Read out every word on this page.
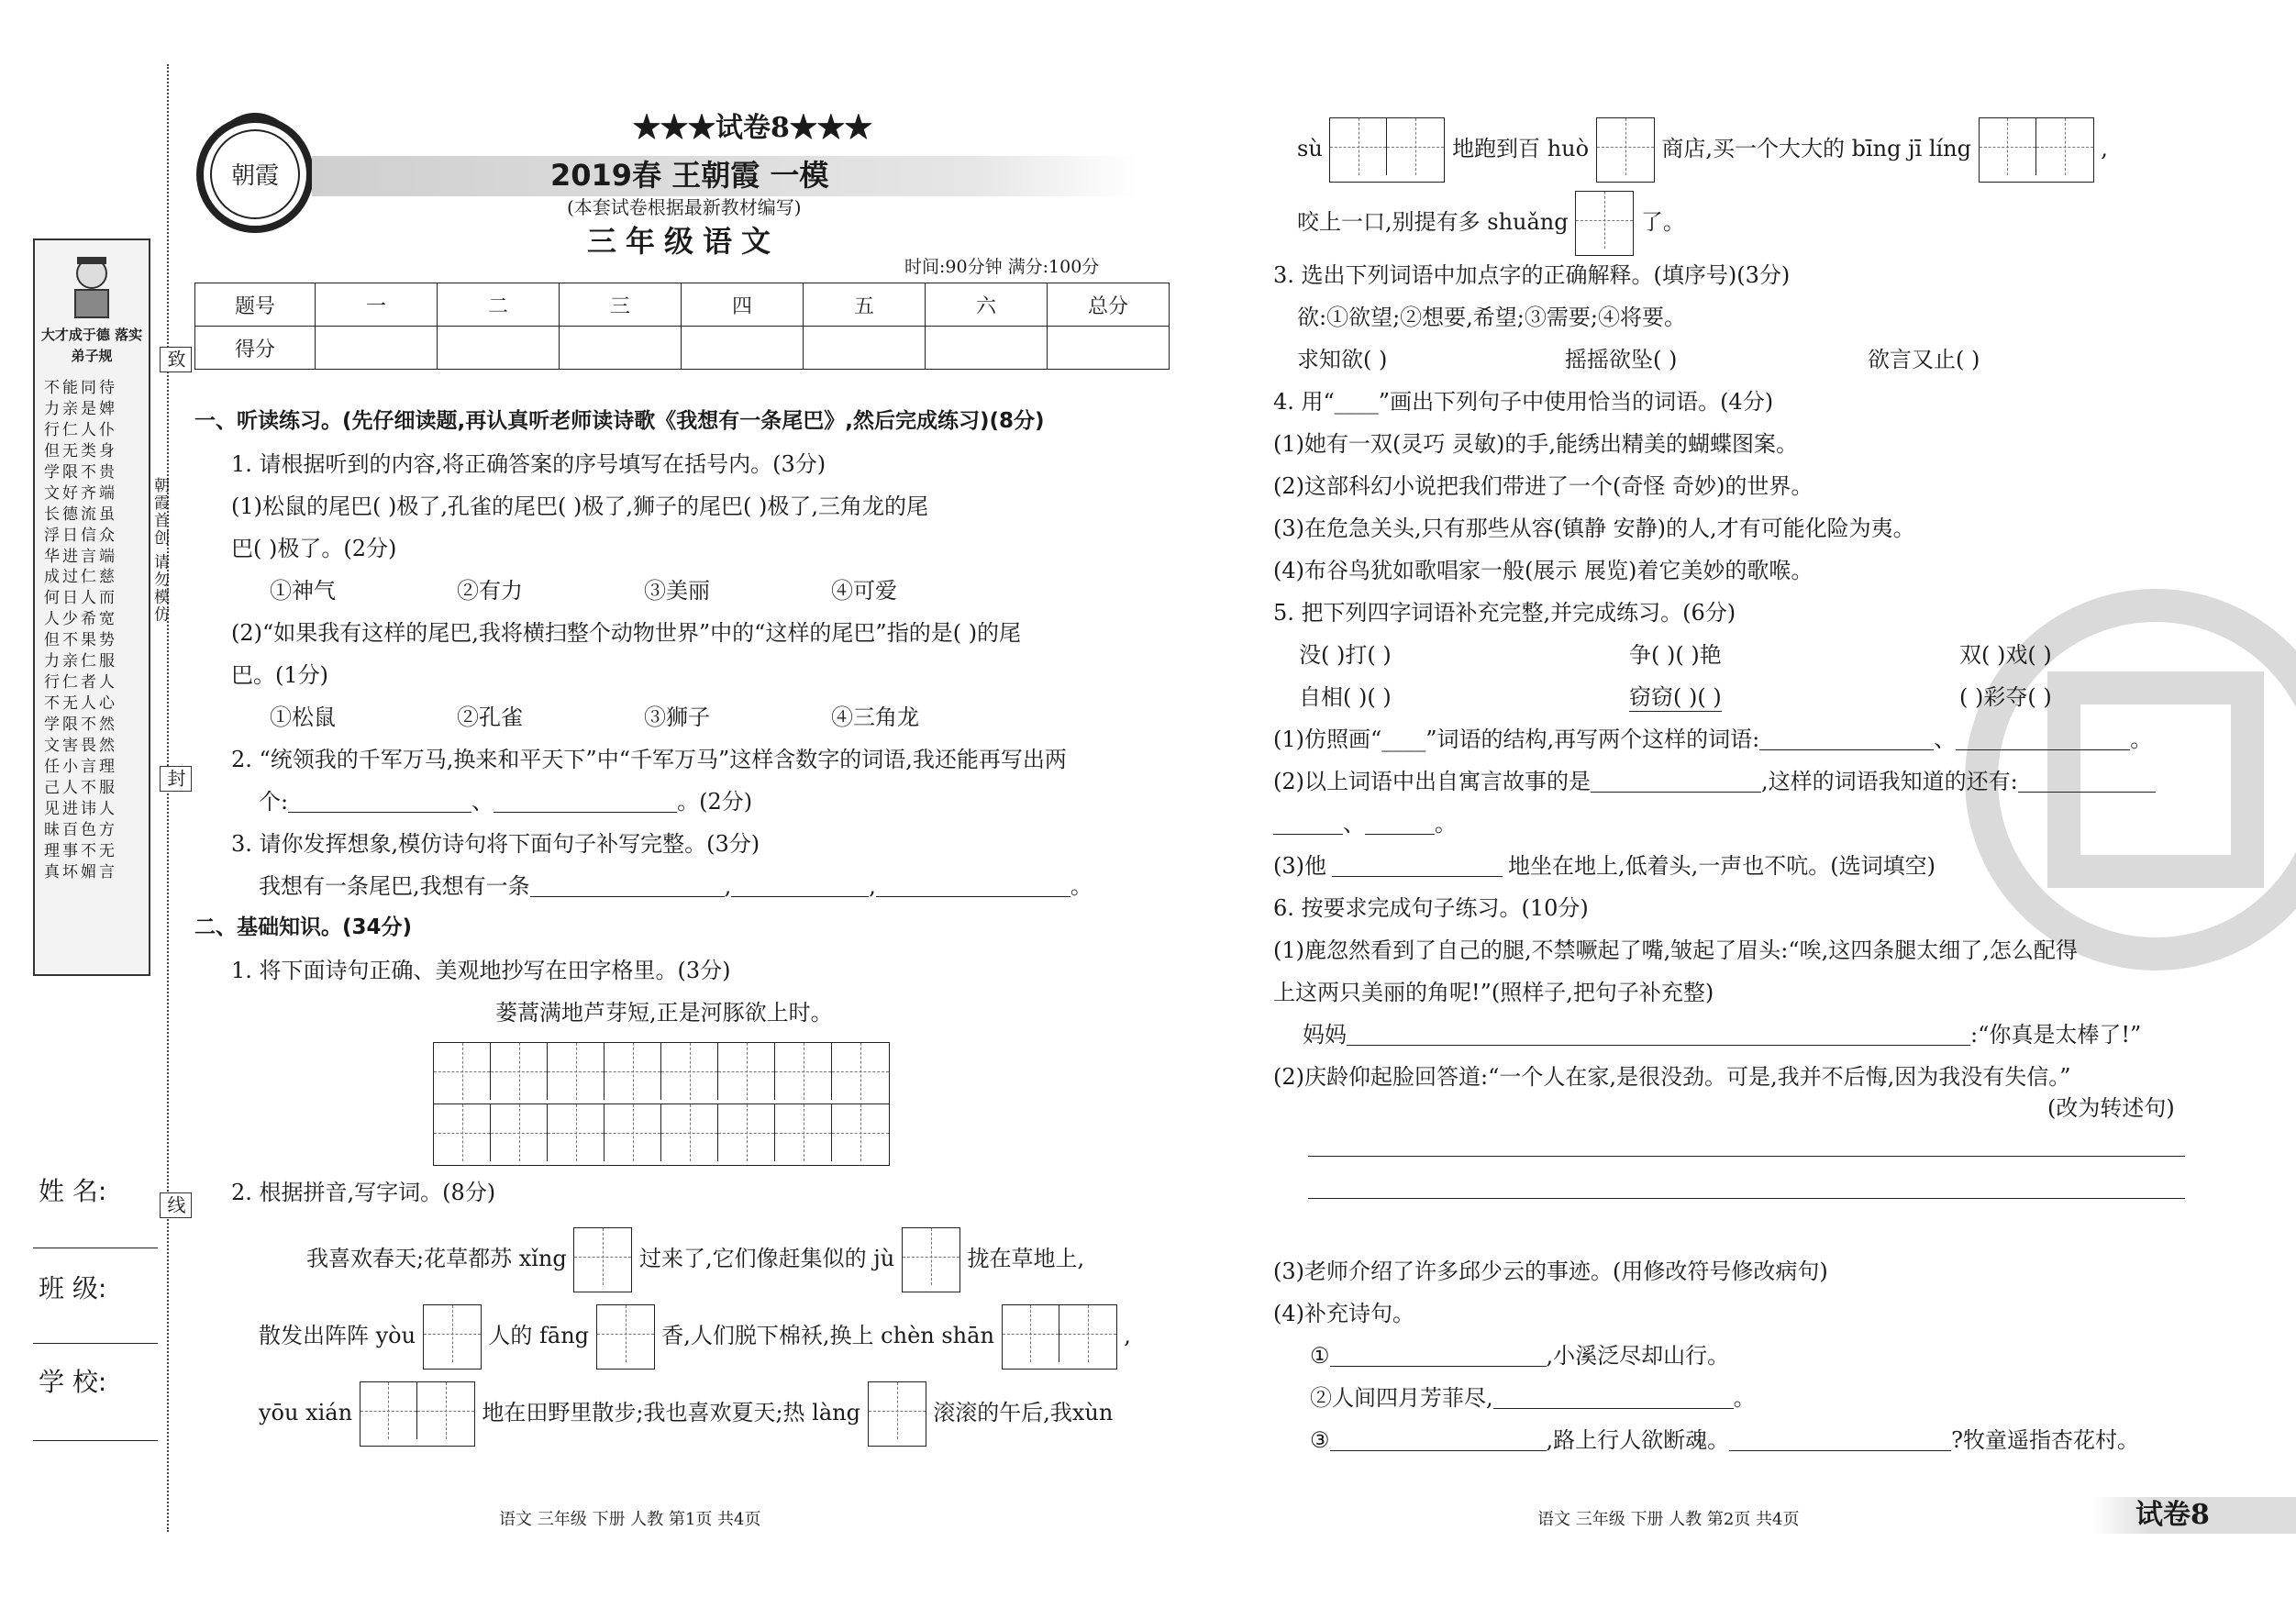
大才成于德 落实弟子规
不能同待 力亲是婢 行仁人仆 但无类身 学限不贵 文好齐端 长德流虽 浮日信众 华进言端 成过仁慈 何日人而 人少希宽 但不果势 力亲仁服 行仁者人 不无人心 学限不然 文害畏然 任小言理 己人不服 见进讳人 昧百色方 理事不无 真坏媚言
致
朝霞首创 请勿模仿
封
线
姓 名:
班 级:
学 校:
朝霞
★★★试卷8★★★
2019春 王朝霞 一模
(本套试卷根据最新教材编写)
三年级语文
时间:90分钟 满分:100分
题号	一	二	三	四	五	六	总分
得分							
一、听读练习。(先仔细读题,再认真听老师读诗歌《我想有一条尾巴》,然后完成练习)(8分)
1. 请根据听到的内容,将正确答案的序号填写在括号内。(3分)
(1)松鼠的尾巴( )极了,孔雀的尾巴( )极了,狮子的尾巴( )极了,三角龙的尾
巴( )极了。(2分)
①神气	②有力	③美丽	④可爱
(2)“如果我有这样的尾巴,我将横扫整个动物世界”中的“这样的尾巴”指的是( )的尾
巴。(1分)
①松鼠	②孔雀	③狮子	④三角龙
2. “统领我的千军万马,换来和平天下”中“千军万马”这样含数字的词语,我还能再写出两
个:	、	。(2分)
3. 请你发挥想象,模仿诗句将下面句子补写完整。(3分)
我想有一条尾巴,我想有一条	,	,	。
二、基础知识。(34分)
1. 将下面诗句正确、美观地抄写在田字格里。(3分)
蒌蒿满地芦芽短,正是河豚欲上时。

2. 根据拼音,写字词。(8分)
我喜欢春天;花草都苏 xǐng	过来了,它们像赶集似的 jù	拢在草地上,
散发出阵阵 yòu	人的 fāng	香,人们脱下棉袄,换上 chèn shān	,
yōu xián	地在田野里散步;我也喜欢夏天;热 làng	滚滚的午后,我xùn
语文 三年级 下册 人教 第1页 共4页
sù	地跑到百 huò	商店,买一个大大的 bīng jī líng	,
咬上一口,别提有多 shuǎng	了。
3. 选出下列词语中加点字的正确解释。(填序号)(3分)
欲:①欲望;②想要,希望;③需要;④将要。
求知欲( )	摇摇欲坠( )	欲言又止( )
4. 用“____”画出下列句子中使用恰当的词语。(4分)
(1)她有一双(灵巧 灵敏)的手,能绣出精美的蝴蝶图案。
(2)这部科幻小说把我们带进了一个(奇怪 奇妙)的世界。
(3)在危急关头,只有那些从容(镇静 安静)的人,才有可能化险为夷。
(4)布谷鸟犹如歌唱家一般(展示 展览)着它美妙的歌喉。
5. 把下列四字词语补充完整,并完成练习。(6分)
没( )打( )	争( )( )艳	双( )戏( )
自相( )( )	窃窃( )( )	( )彩夺( )
(1)仿照画“____”词语的结构,再写两个这样的词语:	、	。
(2)以上词语中出自寓言故事的是	,这样的词语我知道的还有:
、	。
(3)他	地坐在地上,低着头,一声也不吭。(选词填空)
6. 按要求完成句子练习。(10分)
(1)鹿忽然看到了自己的腿,不禁噘起了嘴,皱起了眉头:“唉,这四条腿太细了,怎么配得
上这两只美丽的角呢!”(照样子,把句子补充整)
妈妈	:“你真是太棒了!”
(2)庆龄仰起脸回答道:“一个人在家,是很没劲。可是,我并不后悔,因为我没有失信。”
(改为转述句)
(3)老师介绍了许多邱少云的事迹。(用修改符号修改病句)
(4)补充诗句。
①	,小溪泛尽却山行。
②人间四月芳菲尽,	。
③	,路上行人欲断魂。	?牧童遥指杏花村。
语文 三年级 下册 人教 第2页 共4页	试卷8
